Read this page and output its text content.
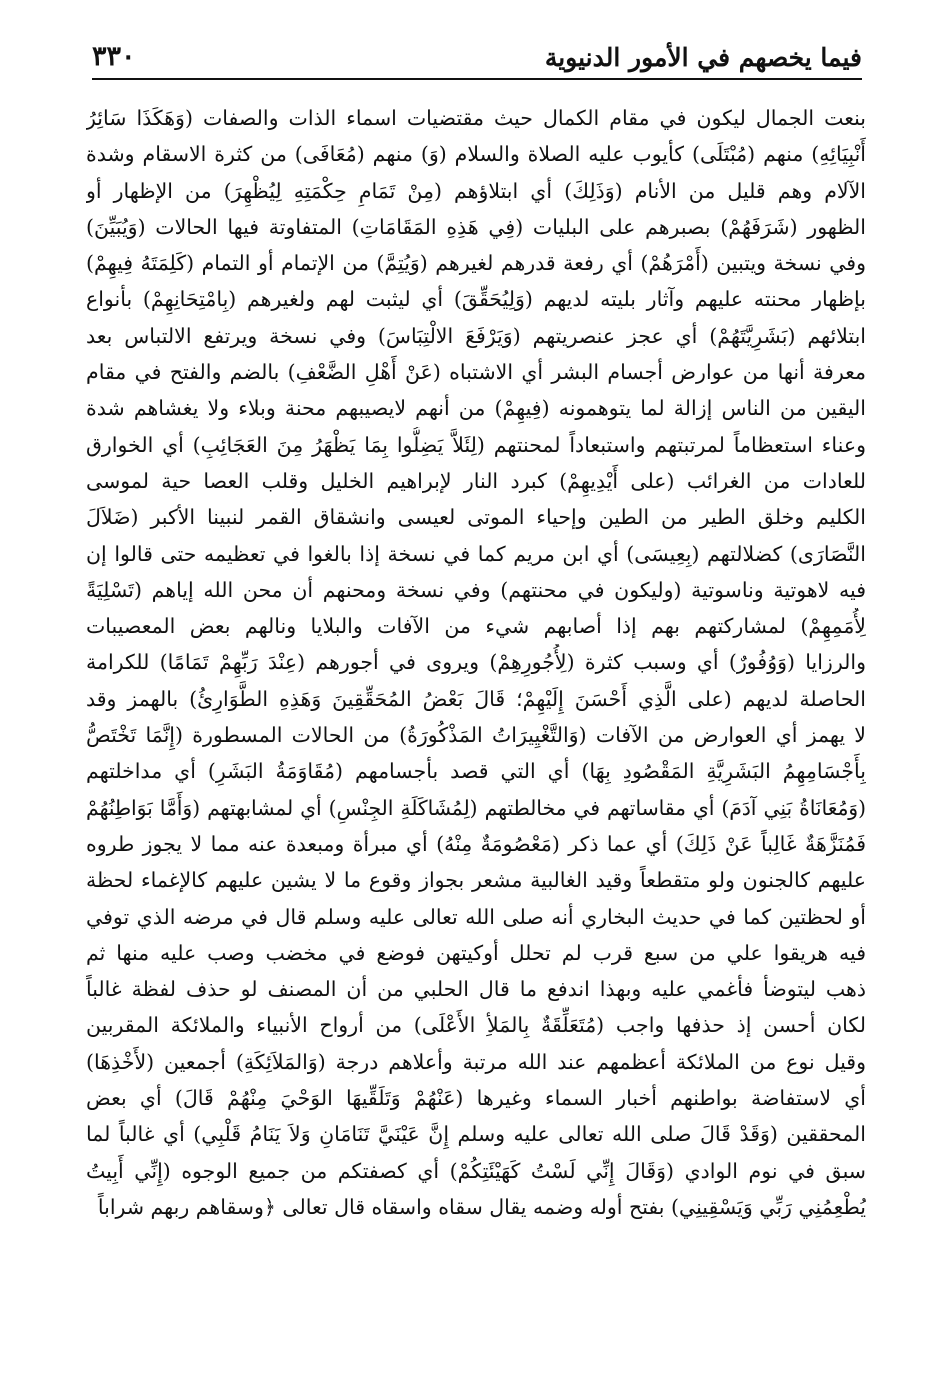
فيما يخصهم في الأمور الدنيوية
٣٣٠
بنعت الجمال ليكون في مقام الكمال حيث مقتضيات اسماء الذات والصفات (وَهَكَذَا سَائِرُ
أَنْبِيَائِهِ) منهم (مُبْتَلَى) كأيوب عليه الصلاة والسلام (وَ) منهم (مُعَافَى) من كثرة الاسقام وشدة
الآلام وهم قليل من الأنام (وَذَلِكَ) أي ابتلاؤهم (مِنْ تَمَامِ حِكْمَتِهِ لِيُظْهِرَ) من الإظهار أو
الظهور (شَرَفَهُمْ) بصبرهم على البليات (فِي هَذِهِ المَقَامَاتِ) المتفاوتة فيها الحالات (وَيُبَيِّنَ)
وفي نسخة ويتبين (أَمْرَهُمْ) أي رفعة قدرهم لغيرهم (وَيُتِمَّ) من الإتمام أو التمام (كَلِمَتَهُ فِيهِمْ)
بإظهار محنته عليهم وآثار بليته لديهم (وَلِيُحَقِّقَ) أي ليثبت لهم ولغيرهم (بِامْتِحَانِهِمْ) بأنواع
ابتلائهم (بَشَرِيَّتَهُمْ) أي عجز عنصريتهم (وَيَرْفَعَ الالْتِبَاسَ) وفي نسخة ويرتفع الالتباس بعد
معرفة أنها من عوارض أجسام البشر أي الاشتباه (عَنْ أَهْلِ الضَّعْفِ) بالضم والفتح في مقام
اليقين من الناس إزالة لما يتوهمونه (فِيهِمْ) من أنهم لايصيبهم محنة وبلاء ولا يغشاهم شدة
وعناء استعظاماً لمرتبتهم واستبعاداً لمحنتهم (لِئَلاَّ يَضِلُّوا بِمَا يَظْهَرُ مِنَ العَجَائِبِ) أي الخوارق
للعادات من الغرائب (على أَيْدِيهِمْ) كبرد النار لإبراهيم الخليل وقلب العصا حية لموسى
الكليم وخلق الطير من الطين وإحياء الموتى لعيسى وانشقاق القمر لنبينا الأكبر (ضَلاَلَ
النَّصَارَى) كضلالتهم (بِعِيسَى) أي ابن مريم كما في نسخة إذا بالغوا في تعظيمه حتى قالوا إن
فيه لاهوتية وناسوتية (وليكون في محنتهم) وفي نسخة ومحنهم أن محن الله إياهم (تَسْلِيَةً
لِأُمَمِهِمْ) لمشاركتهم بهم إذا أصابهم شيء من الآفات والبلايا ونالهم بعض المعصيبات
والرزايا (وَوُفُورٌ) أي وسبب كثرة (لِأُجُورِهِمْ) ويروى في أجورهم (عِنْدَ رَبِّهِمْ تَمَامًا) للكرامة
الحاصلة لديهم (على الَّذِي أَحْسَنَ إِلَيْهِمْ؛ قَالَ بَعْضُ المُحَقِّقِينَ وَهَذِهِ الطَّوَارِئُ) بالهمز وقد
لا يهمز أي العوارض من الآفات (وَالتَّغْيِيرَاتُ المَذْكُورَةُ) من الحالات المسطورة (إِنَّمَا تَخْتَصُّ
بِأَجْسَامِهِمُ البَشَرِيَّةِ المَقْصُودِ بِهَا) أي التي قصد بأجسامهم (مُقَاوَمَةُ البَشَرِ) أي مداخلتهم
(وَمُعَانَاةُ بَنِي آدَمَ) أي مقاساتهم في مخالطتهم (لِمُشَاكَلَةِ الجِنْسِ) أي لمشابهتهم (وَأَمَّا بَوَاطِنُهُمْ
فَمُنَزَّهَةٌ غَالِباً عَنْ ذَلِكَ) أي عما ذكر (مَعْصُومَةٌ مِنْهُ) أي مبرأة ومبعدة عنه مما لا يجوز طروه
عليهم كالجنون ولو متقطعاً وقيد الغالبية مشعر بجواز وقوع ما لا يشين عليهم كالإغماء لحظة
أو لحظتين كما في حديث البخاري أنه صلى الله تعالى عليه وسلم قال في مرضه الذي توفي
فيه هريقوا علي من سبع قرب لم تحلل أوكيتهن فوضع في مخضب وصب عليه منها ثم
ذهب ليتوضأ فأغمي عليه وبهذا اندفع ما قال الحلبي من أن المصنف لو حذف لفظة غالباً
لكان أحسن إذ حذفها واجب (مُتَعَلِّقَةٌ بِالمَلأِ الأَعْلَى) من أرواح الأنبياء والملائكة المقربين
وقيل نوع من الملائكة أعظمهم عند الله مرتبة وأعلاهم درجة (وَالمَلاَئِكَةِ) أجمعين (لأَخْذِهَا)
أي لاستفاضة بواطنهم أخبار السماء وغيرها (عَنْهُمْ وَتَلَقِّيهَا الوَحْيَ مِنْهُمْ قَالَ) أي بعض
المحققين (وَقَدْ قَالَ صلى الله تعالى عليه وسلم إِنَّ عَيْنَيَّ تَنَامَانِ وَلاَ يَنَامُ قَلْبِي) أي غالباً لما
سبق في نوم الوادي (وَقَالَ إِنِّي لَسْتُ كَهَيْئَتِكُمْ) أي كصفتكم من جميع الوجوه (إِنِّي أَبِيتُ
يُطْعِمُنِي رَبِّي وَيَسْقِينِي) بفتح أوله وضمه يقال سقاه واسقاه قال تعالى ﴿وسقاهم ربهم شراباً
